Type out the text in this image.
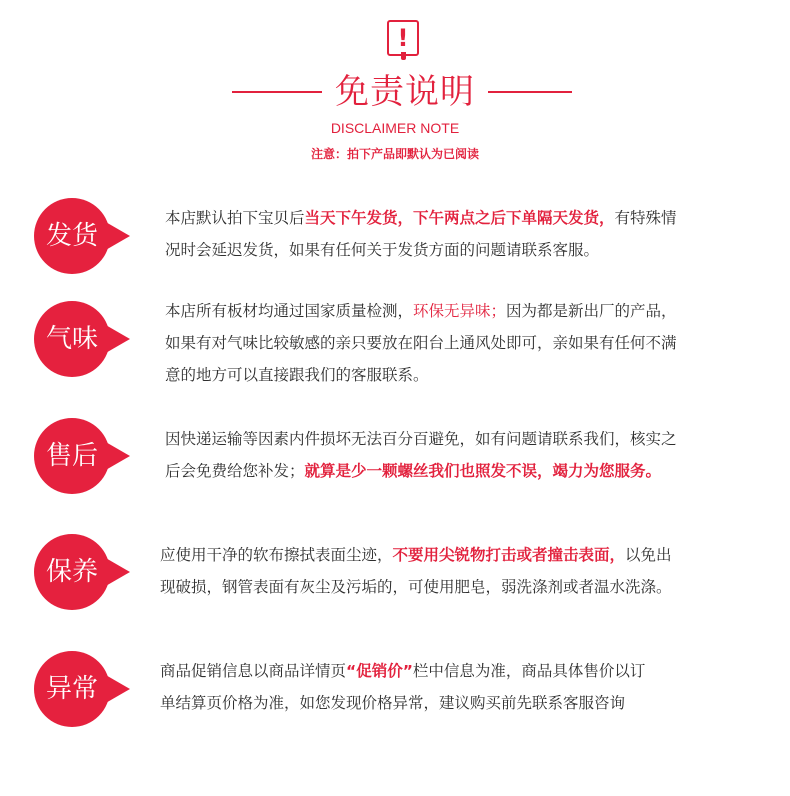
!
免责说明
DISCLAIMER NOTE
注意：拍下产品即默认为已阅读
发货
本店默认拍下宝贝后当天下午发货，下午两点之后下单隔天发货，有特殊情
况时会延迟发货，如果有任何关于发货方面的问题请联系客服。
气味
本店所有板材均通过国家质量检测，环保无异味；因为都是新出厂的产品，
如果有对气味比较敏感的亲只要放在阳台上通风处即可，亲如果有任何不满
意的地方可以直接跟我们的客服联系。
售后
因快递运输等因素内件损坏无法百分百避免，如有问题请联系我们，核实之
后会免费给您补发；就算是少一颗螺丝我们也照发不误，竭力为您服务。
保养
应使用干净的软布擦拭表面尘迹，不要用尖锐物打击或者撞击表面，以免出
现破损，钢管表面有灰尘及污垢的，可使用肥皂，弱洗涤剂或者温水洗涤。
异常
商品促销信息以商品详情页“促销价”栏中信息为准，商品具体售价以订
单结算页价格为准，如您发现价格异常，建议购买前先联系客服咨询
